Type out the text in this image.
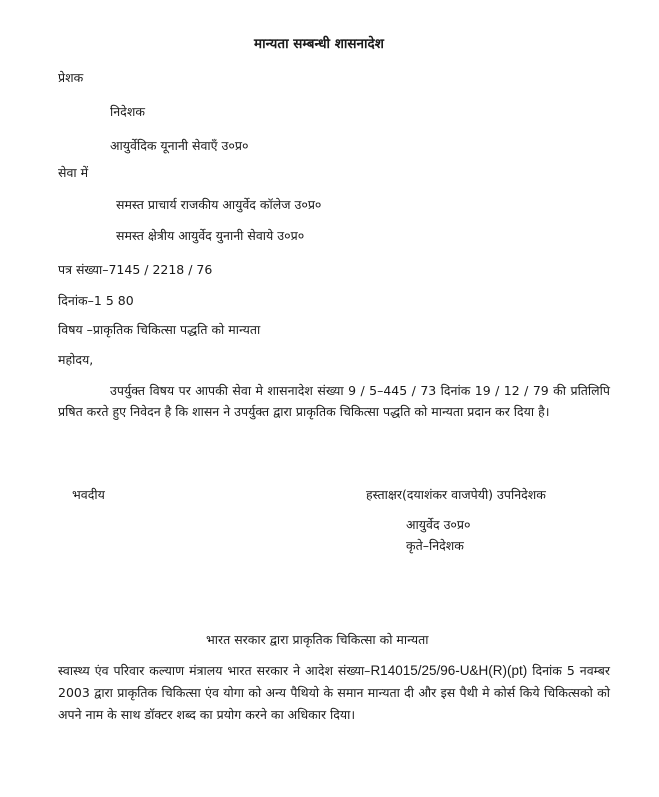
मान्यता सम्बन्धी शासनादेश
प्रेशक
निदेशक
आयुर्वेदिक यूनानी सेवाएँ उ०प्र०
सेवा में
समस्त प्राचार्य राजकीय आयुर्वेद कॉलेज उ०प्र०
समस्त क्षेत्रीय आयुर्वेद युनानी सेवाये उ०प्र०
पत्र संख्या–7145 / 2218 / 76
दिनांक–1 5 80
विषय –प्राकृतिक चिकित्सा पद्धति को मान्यता
महोदय,
उपर्युक्त विषय पर आपकी सेवा मे शासनादेश संख्या 9 / 5–445 / 73 दिनांक 19 / 12 / 79 की प्रतिलिपि प्रषित करते हुए निवेदन है कि शासन ने उपर्युक्त द्वारा प्राकृतिक चिकित्सा पद्धति को मान्यता प्रदान कर दिया है।
भवदीय	हस्ताक्षर(दयाशंकर वाजपेयी) उपनिदेशक
आयुर्वेद उ०प्र०
कृते–निदेशक
भारत सरकार द्वारा प्राकृतिक चिकित्सा को मान्यता
स्वास्थ्य एंव परिवार कल्याण मंत्रालय भारत सरकार ने आदेश संख्या–R14015/25/96-U&H(R)(pt) दिनांक 5 नवम्बर 2003 द्वारा प्राकृतिक चिकित्सा एंव योगा को अन्य पैथियो के समान मान्यता दी और इस पैथी मे कोर्स किये चिकित्सको को अपने नाम के साथ डॉक्टर शब्द का प्रयोग करने का अधिकार दिया।
